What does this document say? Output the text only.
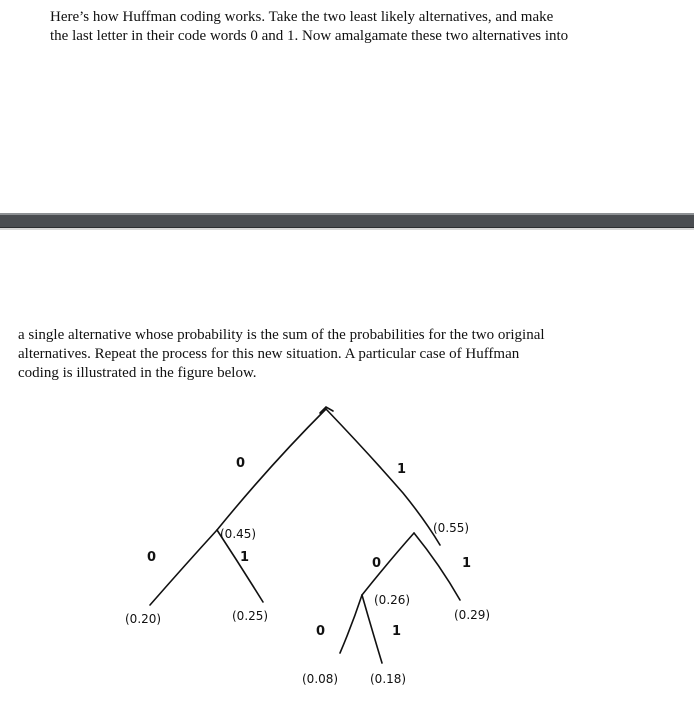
Here’s how Huffman coding works. Take the two least likely alternatives, and make
the last letter in their code words 0 and 1. Now amalgamate these two alternatives into
a single alternative whose probability is the sum of the probabilities for the two original
alternatives. Repeat the process for this new situation. A particular case of Huffman
coding is illustrated in the figure below.
0	1
0	1	0	1
0	1
(0.45)	(0.55)
(0.26)
(0.20)	(0.25)	(0.29)
(0.08)	(0.18)
